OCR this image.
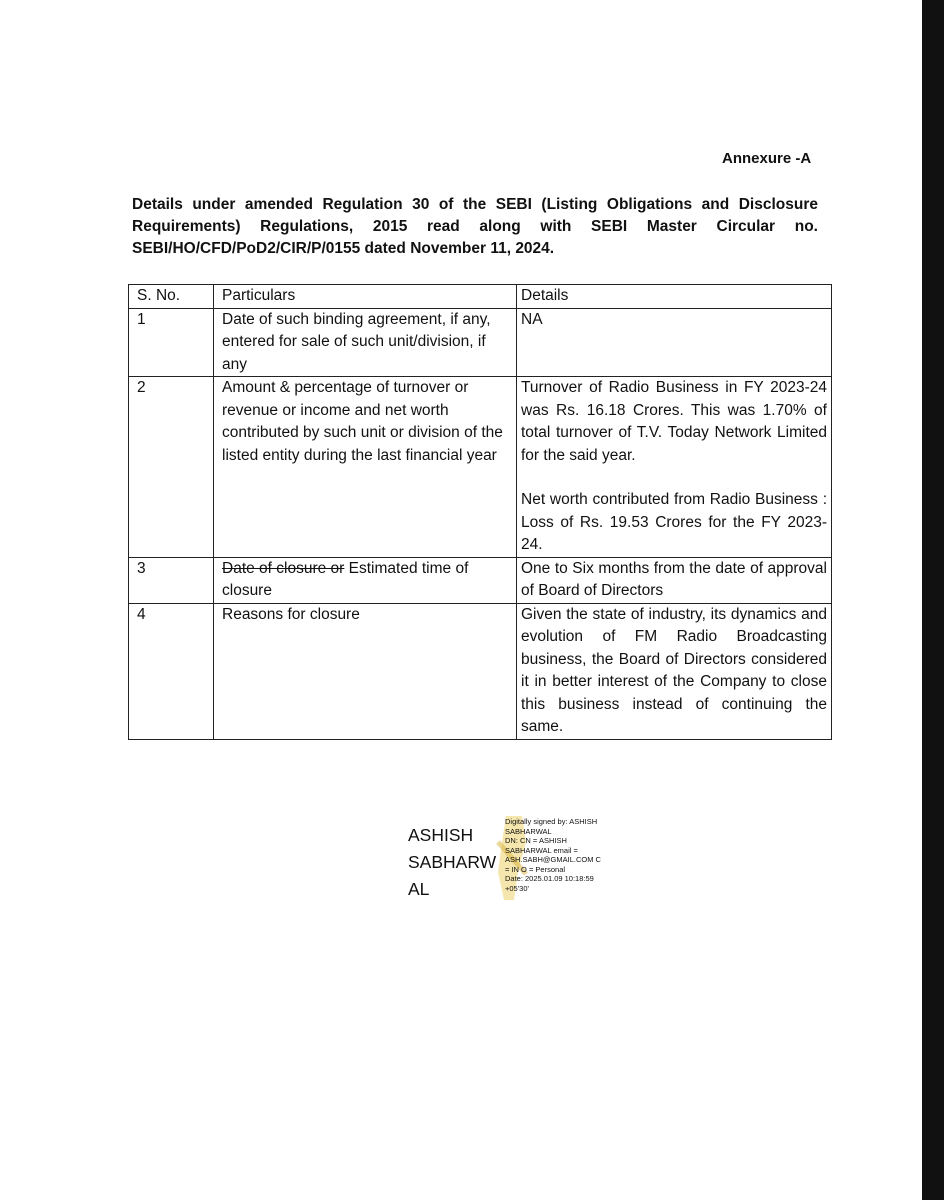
Annexure -A
Details under amended Regulation 30 of the SEBI (Listing Obligations and Disclosure Requirements) Regulations, 2015 read along with SEBI Master Circular no. SEBI/HO/CFD/PoD2/CIR/P/0155 dated November 11, 2024.
S. No.	Particulars	Details
1	Date of such binding agreement, if any, entered for sale of such unit/division, if any	NA
2	Amount & percentage of turnover or revenue or income and net worth contributed by such unit or division of the listed entity during the last financial year	Turnover of Radio Business in FY 2023-24 was Rs. 16.18 Crores. This was 1.70% of total turnover of T.V. Today Network Limited for the said year.
Net worth contributed from Radio Business : Loss of Rs. 19.53 Crores for the FY 2023-24.

3	Date of closure or Estimated time of closure	One to Six months from the date of approval of Board of Directors
4	Reasons for closure	Given the state of industry, its dynamics and evolution of FM Radio Broadcasting business, the Board of Directors considered it in better interest of the Company to close this business instead of continuing the same.
ASHISH
SABHARW
AL
Digitally signed by: ASHISH
SABHARWAL
DN: CN = ASHISH
SABHARWAL email =
ASH.SABH@GMAIL.COM C
= IN O = Personal
Date: 2025.01.09 10:18:59
+05'30'
